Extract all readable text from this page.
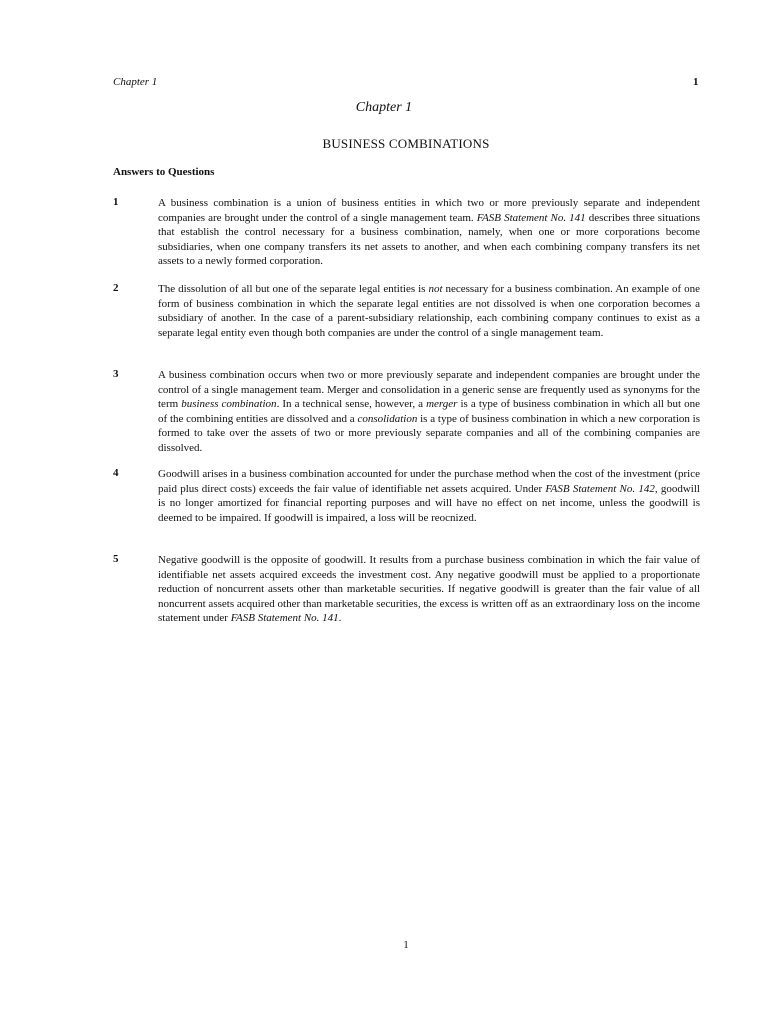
Chapter 1	1
Chapter 1
BUSINESS COMBINATIONS
Answers to Questions
1	A business combination is a union of business entities in which two or more previously separate and independent companies are brought under the control of a single management team. FASB Statement No. 141 describes three situations that establish the control necessary for a business combination, namely, when one or more corporations become subsidiaries, when one company transfers its net assets to another, and when each combining company transfers its net assets to a newly formed corporation.
2	The dissolution of all but one of the separate legal entities is not necessary for a business combination. An example of one form of business combination in which the separate legal entities are not dissolved is when one corporation becomes a subsidiary of another. In the case of a parent-subsidiary relationship, each combining company continues to exist as a separate legal entity even though both companies are under the control of a single management team.
3	A business combination occurs when two or more previously separate and independent companies are brought under the control of a single management team. Merger and consolidation in a generic sense are frequently used as synonyms for the term business combination. In a technical sense, however, a merger is a type of business combination in which all but one of the combining entities are dissolved and a consolidation is a type of business combination in which a new corporation is formed to take over the assets of two or more previously separate companies and all of the combining companies are dissolved.
4	Goodwill arises in a business combination accounted for under the purchase method when the cost of the investment (price paid plus direct costs) exceeds the fair value of identifiable net assets acquired. Under FASB Statement No. 142, goodwill is no longer amortized for financial reporting purposes and will have no effect on net income, unless the goodwill is deemed to be impaired. If goodwill is impaired, a loss will be reocnized.
5	Negative goodwill is the opposite of goodwill. It results from a purchase business combination in which the fair value of identifiable net assets acquired exceeds the investment cost. Any negative goodwill must be applied to a proportionate reduction of noncurrent assets other than marketable securities. If negative goodwill is greater than the fair value of all noncurrent assets acquired other than marketable securities, the excess is written off as an extraordinary loss on the income statement under FASB Statement No. 141.
1
